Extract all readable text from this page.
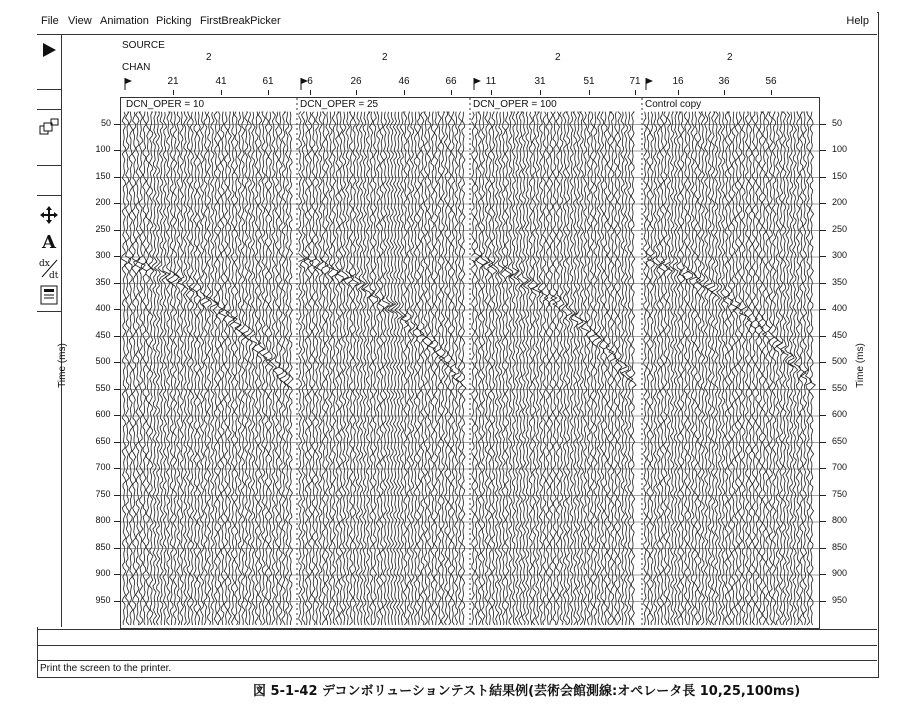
File View Animation Picking FirstBreakPicker	Help
A
dx
dt
SOURCE
CHAN
2	2	2	2
21	41	61	6	26	46	66	11	31	51	71	16	36	56
Time (ms)	Time (ms)
DCN_OPER = 10	DCN_OPER = 25	DCN_OPER = 100	Control copy
50	50
100	100
150	150
200	200
250	250
300	300
350	350
400	400
450	450
500	500
550	550
600	600
650	650
700	700
750	750
800	800
850	850
900	900
950	950
Print the screen to the printer.
図 5-1-42 デコンボリューションテスト結果例(芸術会館測線:オペレータ長 10,25,100ms)
